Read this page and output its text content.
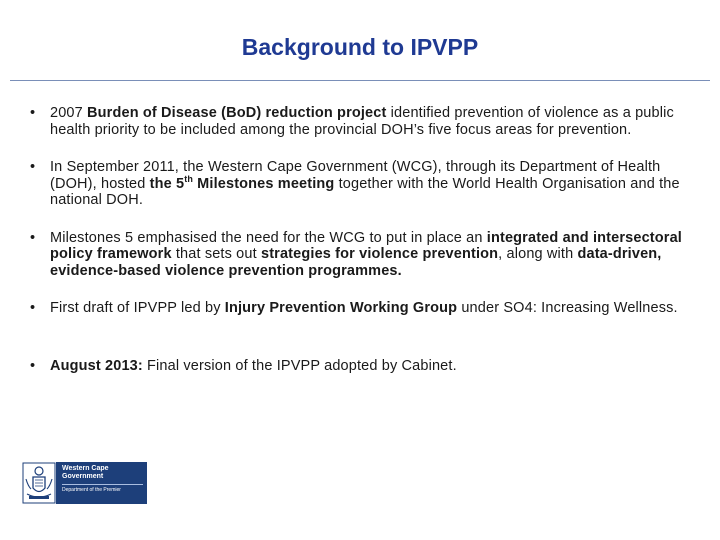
Background to IPVPP
• 2007 Burden of Disease (BoD) reduction project identified prevention of violence as a public health priority to be included among the provincial DOH’s five focus areas for prevention.
• In September 2011, the Western Cape Government (WCG), through its Department of Health (DOH), hosted the 5th Milestones meeting together with the World Health Organisation and the national DOH.
• Milestones 5 emphasised the need for the WCG to put in place an integrated and intersectoral policy framework that sets out strategies for violence prevention, along with data-driven, evidence-based violence prevention programmes.
• First draft of IPVPP led by Injury Prevention Working Group under SO4: Increasing Wellness.
• August 2013: Final version of the IPVPP adopted by Cabinet.
Western Cape
Government
Department of the Premier
